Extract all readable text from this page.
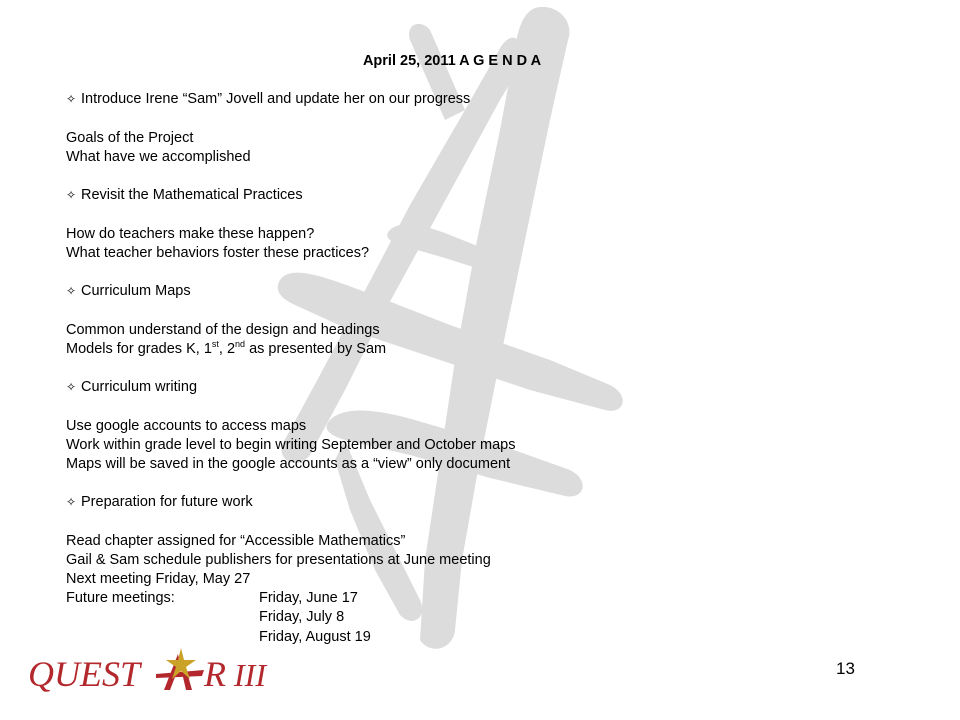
April 25, 2011 A G E N D A
✧ Introduce Irene “Sam” Jovell and update her on our progress
Goals of the Project
What have we accomplished
✧ Revisit the Mathematical Practices
How do teachers make these happen?
What teacher behaviors foster these practices?
✧ Curriculum Maps
Common understand of the design and headings
Models for grades K, 1st, 2nd as presented by Sam
✧ Curriculum writing
Use google accounts to access maps
Work within grade level to begin writing September and October maps
Maps will be saved in the google accounts as a “view” only document
✧ Preparation for future work
Read chapter assigned for “Accessible Mathematics”
Gail & Sam schedule publishers for presentations at June meeting
Next meeting Friday, May 27
Future meetings:	Friday, June 17
Friday, July 8
Friday, August 19
QUEST R III	13
